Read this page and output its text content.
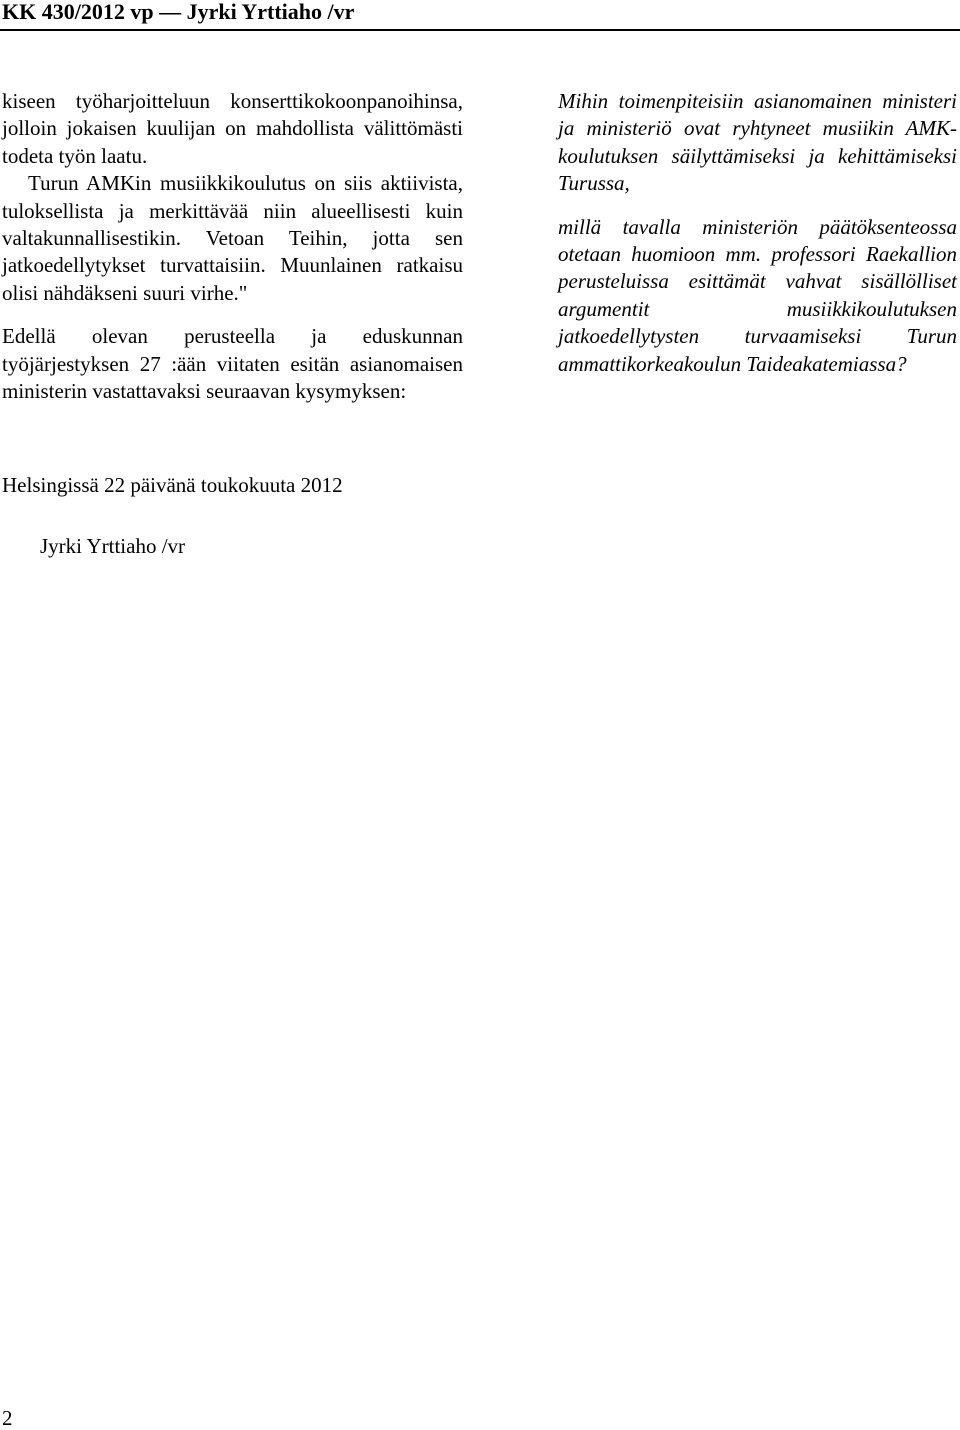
KK 430/2012 vp — Jyrki Yrttiaho /vr

kiseen työharjoitteluun konserttikokoonpanoihinsa, jolloin jokaisen kuulijan on mahdollista välittömästi todeta työn laatu.

Turun AMKin musiikkikoulutus on siis aktiivista, tuloksellista ja merkittävää niin alueellisesti kuin valtakunnallisestikin. Vetoan Teihin, jotta sen jatkoedellytykset turvattaisiin. Muunlainen ratkaisu olisi nähdäkseni suuri virhe."

Edellä olevan perusteella ja eduskunnan työjärjestyksen 27 :ään viitaten esitän asianomaisen ministerin vastattavaksi seuraavan kysymyksen:

Mihin toimenpiteisiin asianomainen ministeri ja ministeriö ovat ryhtyneet musiikin AMK-koulutuksen säilyttämiseksi ja kehittämiseksi Turussa,

millä tavalla ministeriön päätöksenteossa otetaan huomioon mm. professori Raekallion perusteluissa esittämät vahvat sisällölliset argumentit musiikkikoulutuksen jatkoedellytysten turvaamiseksi Turun ammattikorkeakoulun Taideakatemiassa?

Helsingissä 22 päivänä toukokuuta 2012
Jyrki Yrttiaho /vr
2
